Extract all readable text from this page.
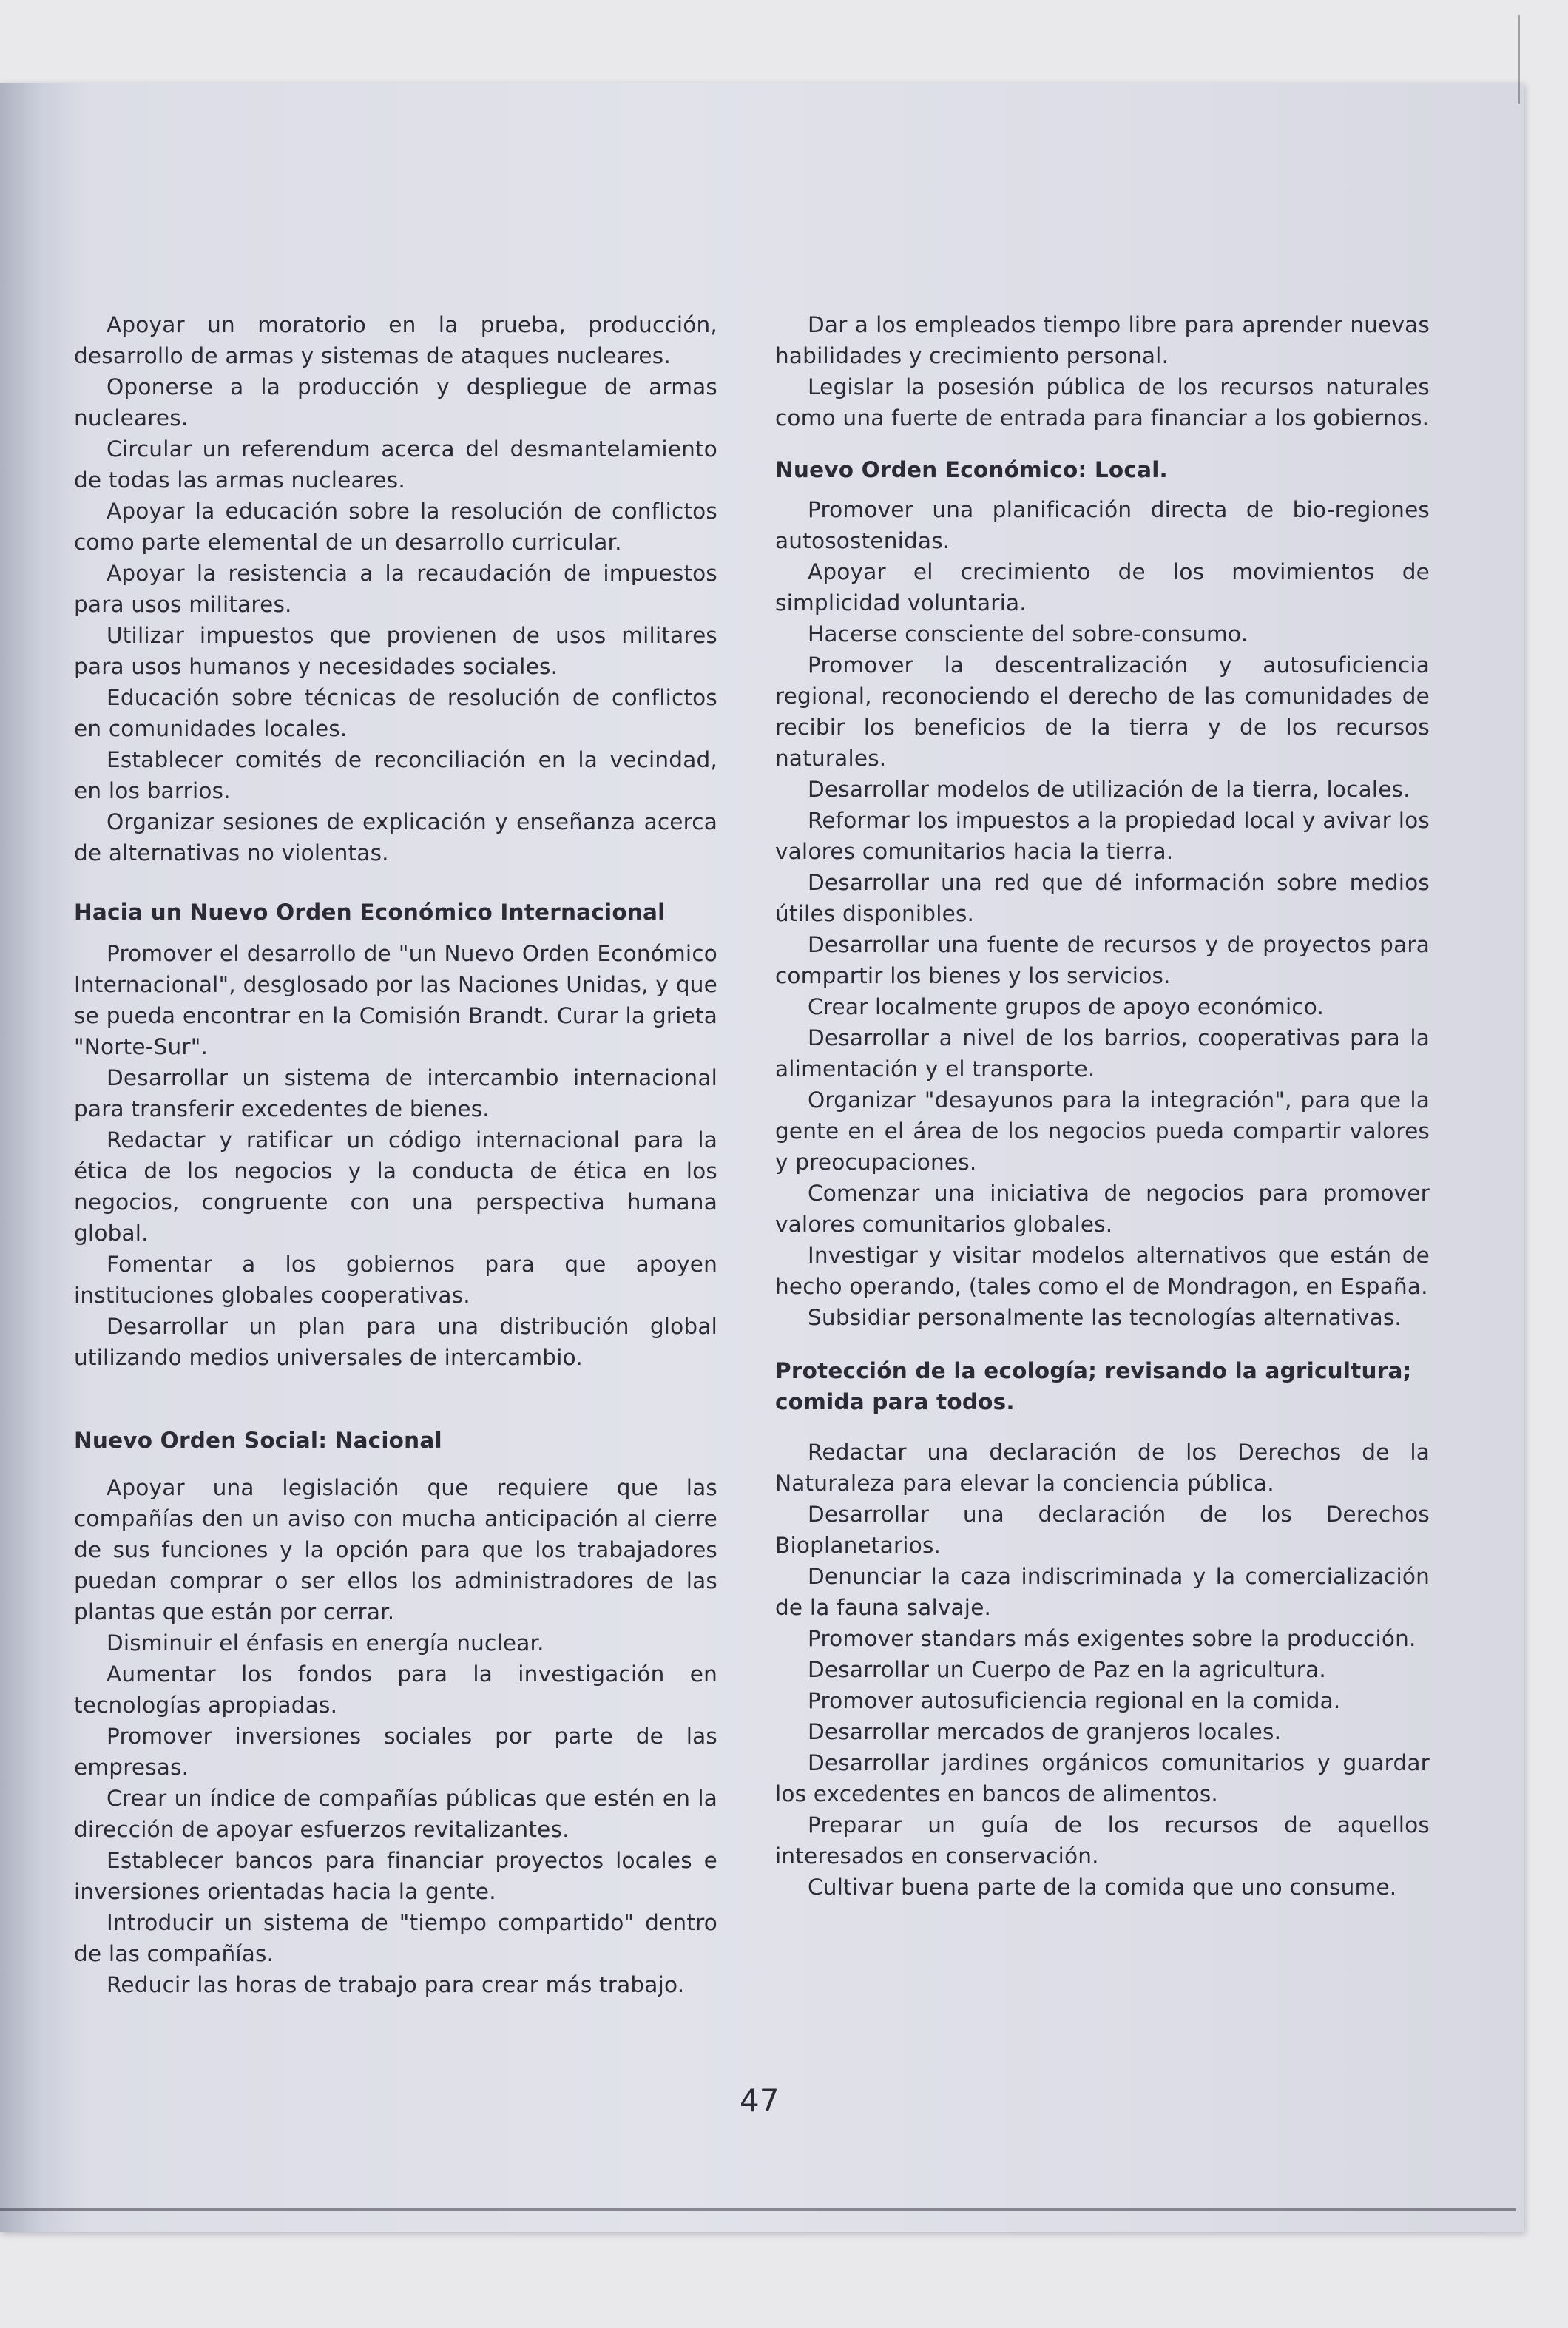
Apoyar un moratorio en la prueba, producción, desarrollo de armas y sistemas de ataques nucleares.

Oponerse a la producción y despliegue de armas nucleares.

Circular un referendum acerca del desmantelamiento de todas las armas nucleares.

Apoyar la educación sobre la resolución de conflictos como parte elemental de un desarrollo curricular.

Apoyar la resistencia a la recaudación de impuestos para usos militares.

Utilizar impuestos que provienen de usos militares para usos humanos y necesidades sociales.

Educación sobre técnicas de resolución de conflictos en comunidades locales.

Establecer comités de reconciliación en la vecindad, en los barrios.

Organizar sesiones de explicación y enseñanza acerca de alternativas no violentas.

Hacia un Nuevo Orden Económico Internacional

Promover el desarrollo de "un Nuevo Orden Económico Internacional", desglosado por las Naciones Unidas, y que se pueda encontrar en la Comisión Brandt. Curar la grieta "Norte-Sur".

Desarrollar un sistema de intercambio internacional para transferir excedentes de bienes.

Redactar y ratificar un código internacional para la ética de los negocios y la conducta de ética en los negocios, congruente con una perspectiva humana global.

Fomentar a los gobiernos para que apoyen instituciones globales cooperativas.

Desarrollar un plan para una distribución global utilizando medios universales de intercambio.

Nuevo Orden Social: Nacional

Apoyar una legislación que requiere que las compañías den un aviso con mucha anticipación al cierre de sus funciones y la opción para que los trabajadores puedan comprar o ser ellos los administradores de las plantas que están por cerrar.

Disminuir el énfasis en energía nuclear.

Aumentar los fondos para la investigación en tecnologías apropiadas.

Promover inversiones sociales por parte de las empresas.

Crear un índice de compañías públicas que estén en la dirección de apoyar esfuerzos revitalizantes.

Establecer bancos para financiar proyectos locales e inversiones orientadas hacia la gente.

Introducir un sistema de "tiempo compartido" dentro de las compañías.

Reducir las horas de trabajo para crear más trabajo.

Dar a los empleados tiempo libre para aprender nuevas habilidades y crecimiento personal.

Legislar la posesión pública de los recursos naturales como una fuerte de entrada para financiar a los gobiernos.

Nuevo Orden Económico: Local.

Promover una planificación directa de bio-regiones autosostenidas.

Apoyar el crecimiento de los movimientos de simplicidad voluntaria.

Hacerse consciente del sobre-consumo.

Promover la descentralización y autosuficiencia regional, reconociendo el derecho de las comunidades de recibir los beneficios de la tierra y de los recursos naturales.

Desarrollar modelos de utilización de la tierra, locales.

Reformar los impuestos a la propiedad local y avivar los valores comunitarios hacia la tierra.

Desarrollar una red que dé información sobre medios útiles disponibles.

Desarrollar una fuente de recursos y de proyectos para compartir los bienes y los servicios.

Crear localmente grupos de apoyo económico.

Desarrollar a nivel de los barrios, cooperativas para la alimentación y el transporte.

Organizar "desayunos para la integración", para que la gente en el área de los negocios pueda compartir valores y preocupaciones.

Comenzar una iniciativa de negocios para promover valores comunitarios globales.

Investigar y visitar modelos alternativos que están de hecho operando, (tales como el de Mondragon, en España.

Subsidiar personalmente las tecnologías alternativas.

Protección de la ecología; revisando la agricultura; comida para todos.

Redactar una declaración de los Derechos de la Naturaleza para elevar la conciencia pública.

Desarrollar una declaración de los Derechos Bioplanetarios.

Denunciar la caza indiscriminada y la comercialización de la fauna salvaje.

Promover standars más exigentes sobre la producción.

Desarrollar un Cuerpo de Paz en la agricultura.

Promover autosuficiencia regional en la comida.

Desarrollar mercados de granjeros locales.

Desarrollar jardines orgánicos comunitarios y guardar los excedentes en bancos de alimentos.

Preparar un guía de los recursos de aquellos interesados en conservación.

Cultivar buena parte de la comida que uno consume.

47
